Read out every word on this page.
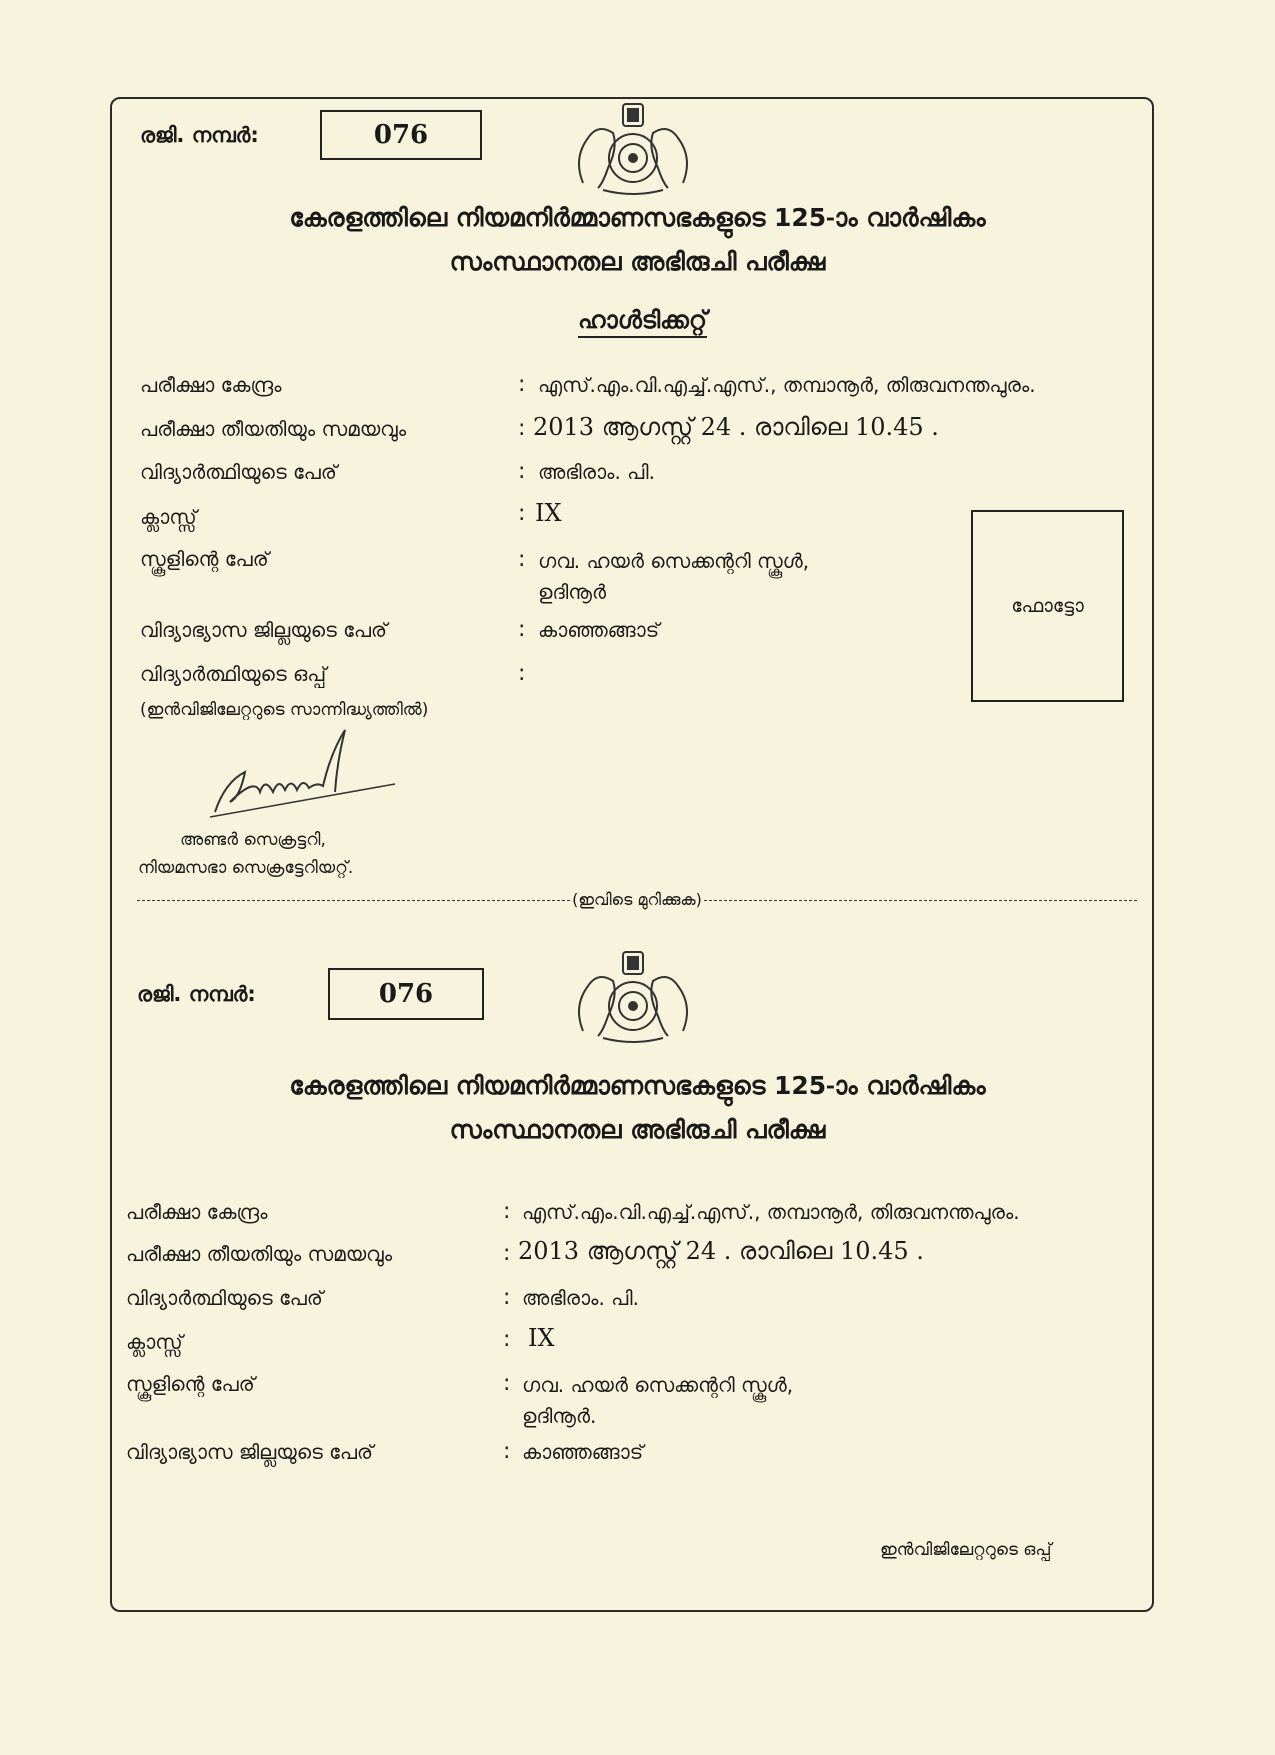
രജി. നമ്പർ:	076
കേരളത്തിലെ നിയമനിർമ്മാണസഭകളുടെ 125-ാം വാർഷികം
സംസ്ഥാനതല അഭിരുചി പരീക്ഷ
ഹാൾടിക്കറ്റ്
പരീക്ഷാ കേന്ദ്രം	: എസ്.എം.വി.എച്ച്.എസ്., തമ്പാനൂർ, തിരുവനന്തപുരം.
പരീക്ഷാ തീയതിയും സമയവും	: 2013 ആഗസ്റ്റ് 24 . രാവിലെ 10.45 .
വിദ്യാർത്ഥിയുടെ പേര്	: അഭിരാം. പി.
ക്ലാസ്സ്	: IX
സ്കൂളിന്റെ പേര്	: ഗവ. ഹയർ സെക്കന്ററി സ്കൂൾ,
ഉദിനൂർ
വിദ്യാഭ്യാസ ജില്ലയുടെ പേര്	: കാഞ്ഞങ്ങാട്
വിദ്യാർത്ഥിയുടെ ഒപ്പ്	:
(ഇൻവിജിലേറ്ററുടെ സാന്നിദ്ധ്യത്തിൽ)
ഫോട്ടോ
അണ്ടർ സെക്രട്ടറി,
നിയമസഭാ സെക്രട്ടേറിയറ്റ്.
(ഇവിടെ മുറിക്കുക)
രജി. നമ്പർ:	076
കേരളത്തിലെ നിയമനിർമ്മാണസഭകളുടെ 125-ാം വാർഷികം
സംസ്ഥാനതല അഭിരുചി പരീക്ഷ
പരീക്ഷാ കേന്ദ്രം	: എസ്.എം.വി.എച്ച്.എസ്., തമ്പാനൂർ, തിരുവനന്തപുരം.
പരീക്ഷാ തീയതിയും സമയവും	: 2013 ആഗസ്റ്റ് 24 . രാവിലെ 10.45 .
വിദ്യാർത്ഥിയുടെ പേര്	: അഭിരാം. പി.
ക്ലാസ്സ്	: IX
സ്കൂളിന്റെ പേര്	: ഗവ. ഹയർ സെക്കന്ററി സ്കൂൾ,
ഉദിനൂർ.
വിദ്യാഭ്യാസ ജില്ലയുടെ പേര്	: കാഞ്ഞങ്ങാട്
ഇൻവിജിലേറ്ററുടെ ഒപ്പ്
